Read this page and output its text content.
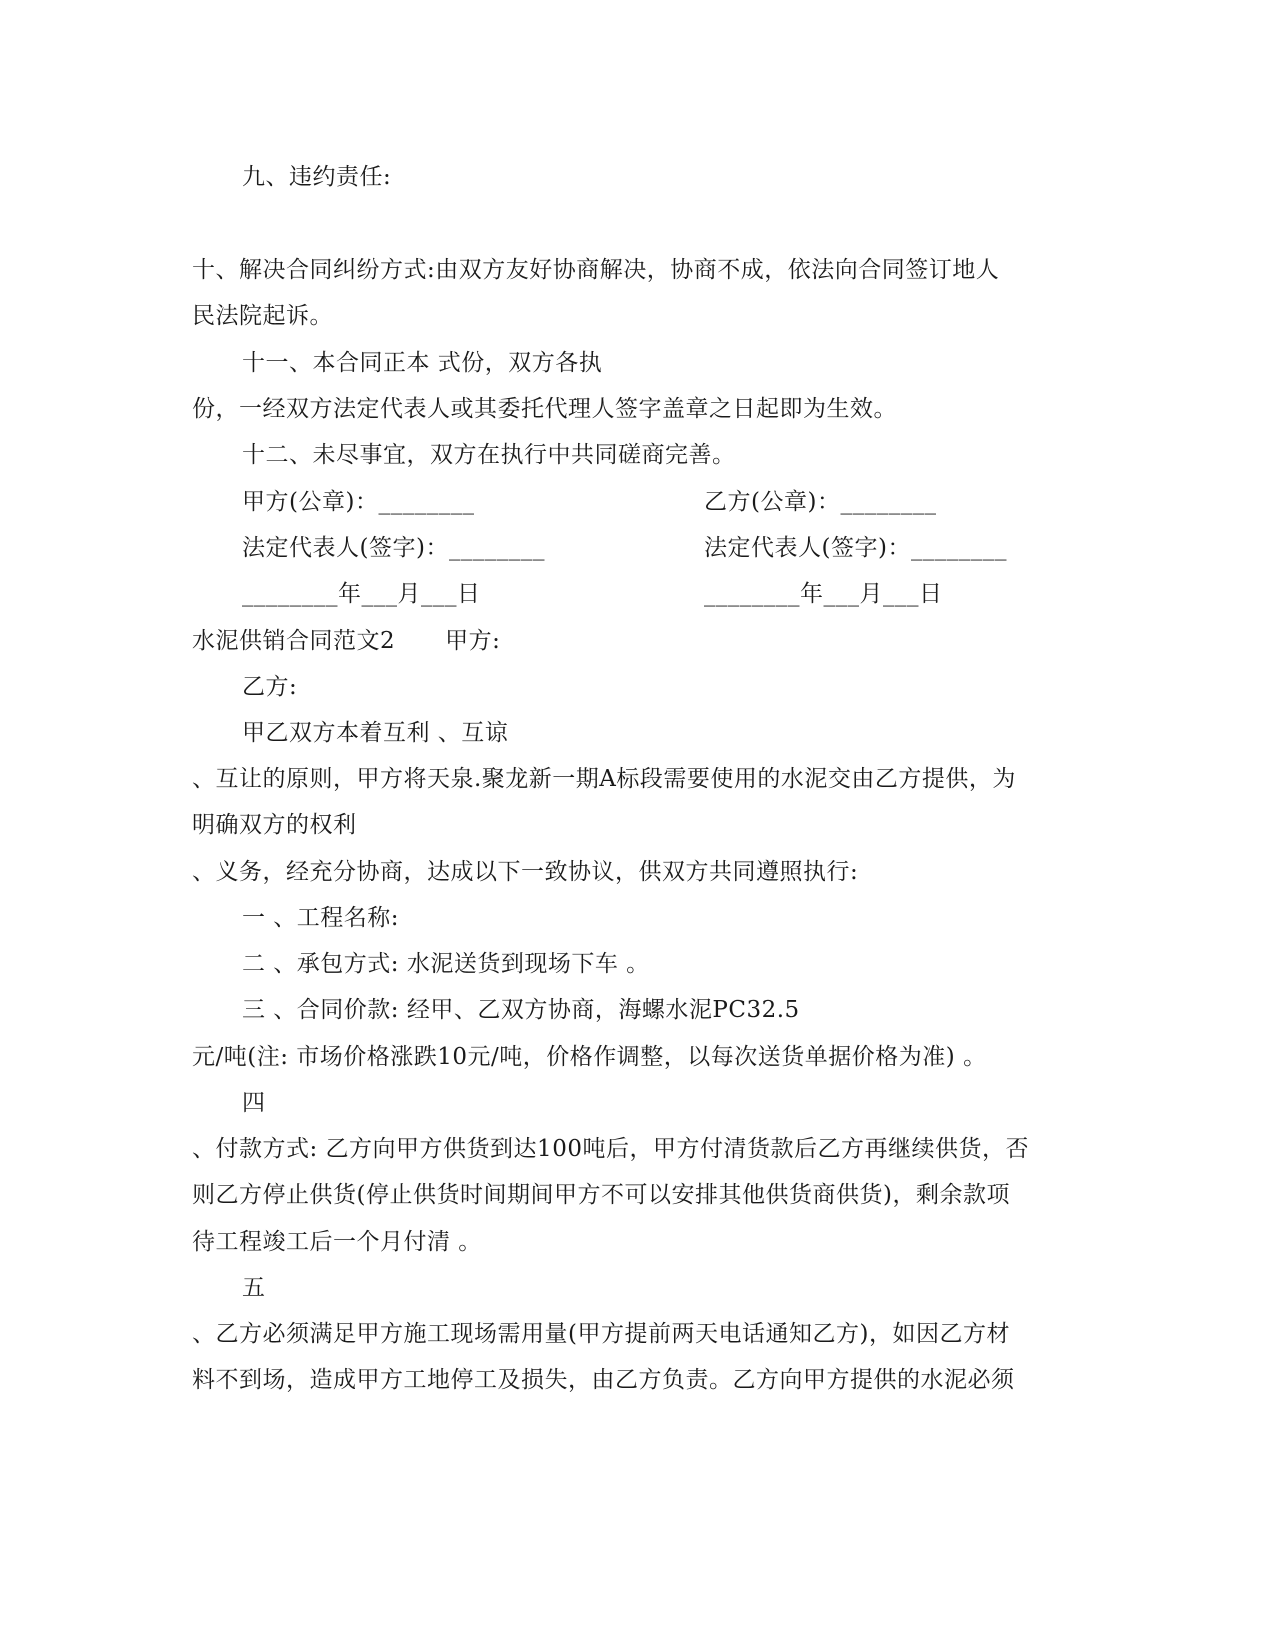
九、违约责任:
十、解决合同纠纷方式:由双方友好协商解决，协商不成，依法向合同签订地人
民法院起诉。
十一、本合同正本 式份，双方各执
份，一经双方法定代表人或其委托代理人签字盖章之日起即为生效。
十二、未尽事宜，双方在执行中共同磋商完善。
甲方(公章)：________	乙方(公章)：________
法定代表人(签字)：________	法定代表人(签字)：________
________年___月___日	________年___月___日
水泥供销合同范文2 甲方:
乙方:
甲乙双方本着互利 、互谅
、互让的原则，甲方将天泉.聚龙新一期A标段需要使用的水泥交由乙方提供，为
明确双方的权利
、义务，经充分协商，达成以下一致协议，供双方共同遵照执行:
一 、工程名称:
二 、承包方式: 水泥送货到现场下车 。
三 、合同价款: 经甲、乙双方协商，海螺水泥PC32.5
元/吨(注: 市场价格涨跌10元/吨，价格作调整，以每次送货单据价格为准) 。
四
、付款方式: 乙方向甲方供货到达100吨后，甲方付清货款后乙方再继续供货，否
则乙方停止供货(停止供货时间期间甲方不可以安排其他供货商供货)，剩余款项
待工程竣工后一个月付清 。
五
、乙方必须满足甲方施工现场需用量(甲方提前两天电话通知乙方)，如因乙方材
料不到场，造成甲方工地停工及损失，由乙方负责。乙方向甲方提供的水泥必须
